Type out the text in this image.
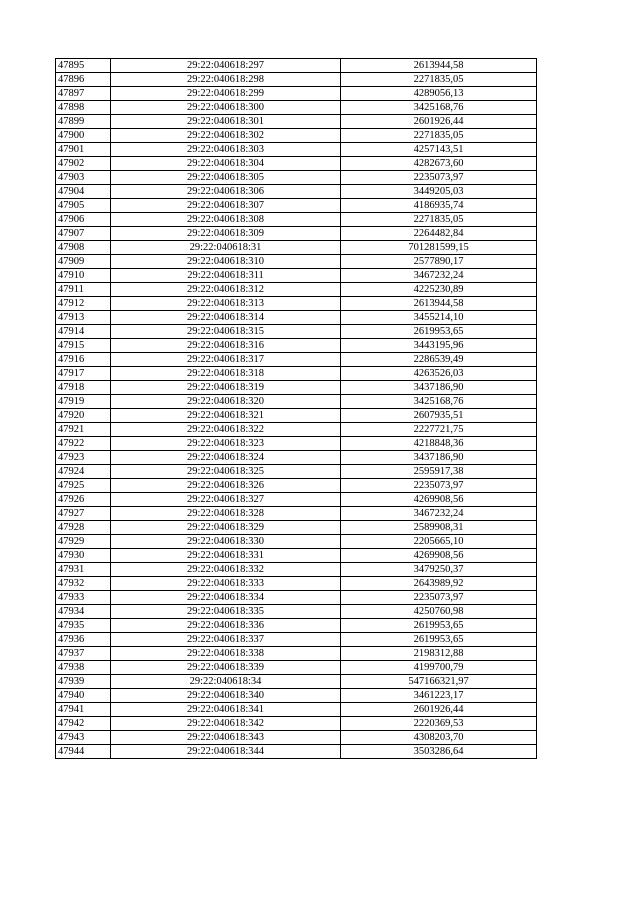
47895	29:22:040618:297	2613944,58
47896	29:22:040618:298	2271835,05
47897	29:22:040618:299	4289056,13
47898	29:22:040618:300	3425168,76
47899	29:22:040618:301	2601926,44
47900	29:22:040618:302	2271835,05
47901	29:22:040618:303	4257143,51
47902	29:22:040618:304	4282673,60
47903	29:22:040618:305	2235073,97
47904	29:22:040618:306	3449205,03
47905	29:22:040618:307	4186935,74
47906	29:22:040618:308	2271835,05
47907	29:22:040618:309	2264482,84
47908	29:22:040618:31	701281599,15
47909	29:22:040618:310	2577890,17
47910	29:22:040618:311	3467232,24
47911	29:22:040618:312	4225230,89
47912	29:22:040618:313	2613944,58
47913	29:22:040618:314	3455214,10
47914	29:22:040618:315	2619953,65
47915	29:22:040618:316	3443195,96
47916	29:22:040618:317	2286539,49
47917	29:22:040618:318	4263526,03
47918	29:22:040618:319	3437186,90
47919	29:22:040618:320	3425168,76
47920	29:22:040618:321	2607935,51
47921	29:22:040618:322	2227721,75
47922	29:22:040618:323	4218848,36
47923	29:22:040618:324	3437186,90
47924	29:22:040618:325	2595917,38
47925	29:22:040618:326	2235073,97
47926	29:22:040618:327	4269908,56
47927	29:22:040618:328	3467232,24
47928	29:22:040618:329	2589908,31
47929	29:22:040618:330	2205665,10
47930	29:22:040618:331	4269908,56
47931	29:22:040618:332	3479250,37
47932	29:22:040618:333	2643989,92
47933	29:22:040618:334	2235073,97
47934	29:22:040618:335	4250760,98
47935	29:22:040618:336	2619953,65
47936	29:22:040618:337	2619953,65
47937	29:22:040618:338	2198312,88
47938	29:22:040618:339	4199700,79
47939	29:22:040618:34	547166321,97
47940	29:22:040618:340	3461223,17
47941	29:22:040618:341	2601926,44
47942	29:22:040618:342	2220369,53
47943	29:22:040618:343	4308203,70
47944	29:22:040618:344	3503286,64
